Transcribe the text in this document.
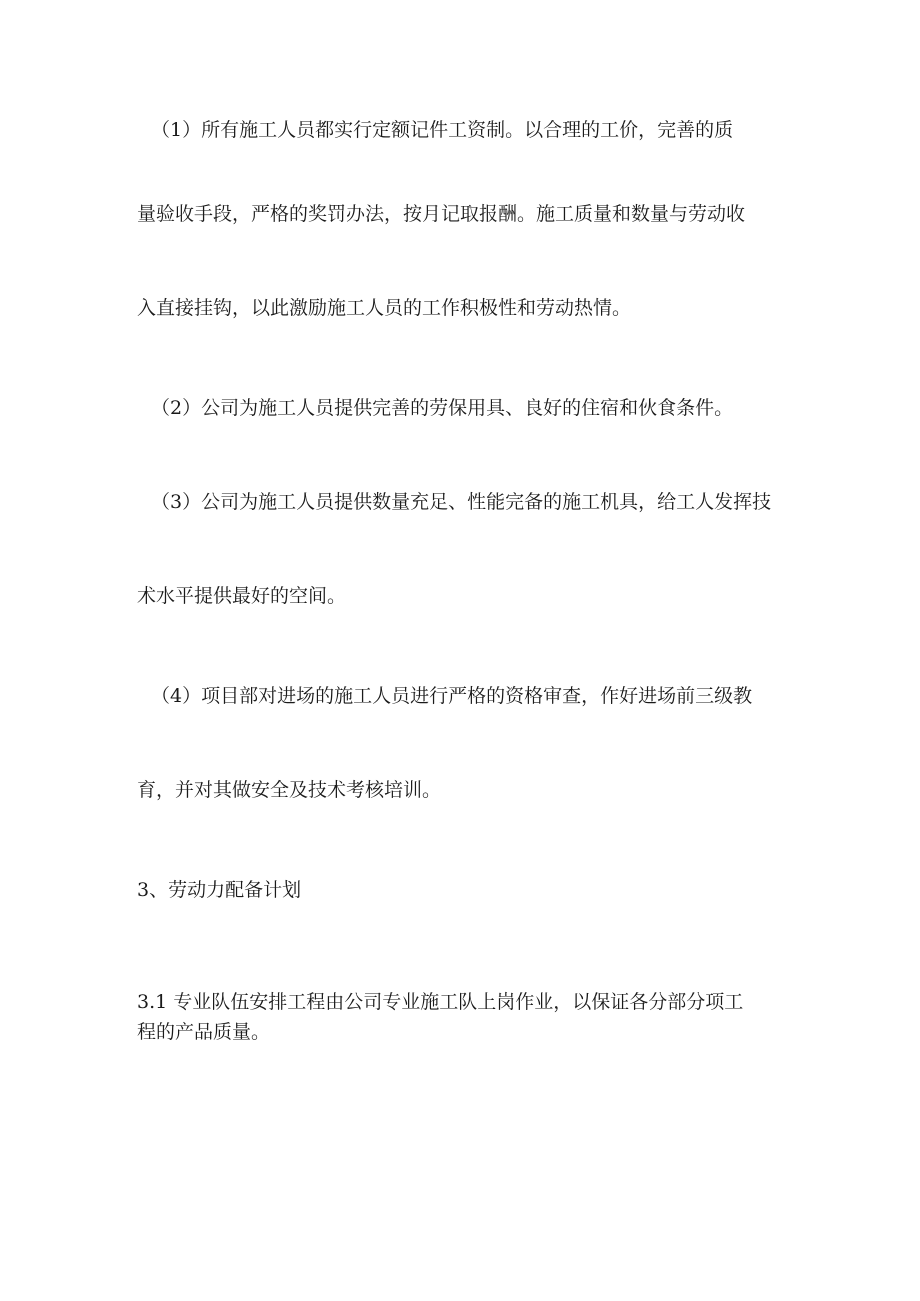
（1）所有施工人员都实行定额记件工资制。以合理的工价，完善的质
量验收手段，严格的奖罚办法，按月记取报酬。施工质量和数量与劳动收
入直接挂钩，以此激励施工人员的工作积极性和劳动热情。
（2）公司为施工人员提供完善的劳保用具、良好的住宿和伙食条件。
（3）公司为施工人员提供数量充足、性能完备的施工机具，给工人发挥技
术水平提供最好的空间。
（4）项目部对进场的施工人员进行严格的资格审查，作好进场前三级教
育，并对其做安全及技术考核培训。
3、劳动力配备计划
3.1 专业队伍安排工程由公司专业施工队上岗作业，以保证各分部分项工
程的产品质量。
